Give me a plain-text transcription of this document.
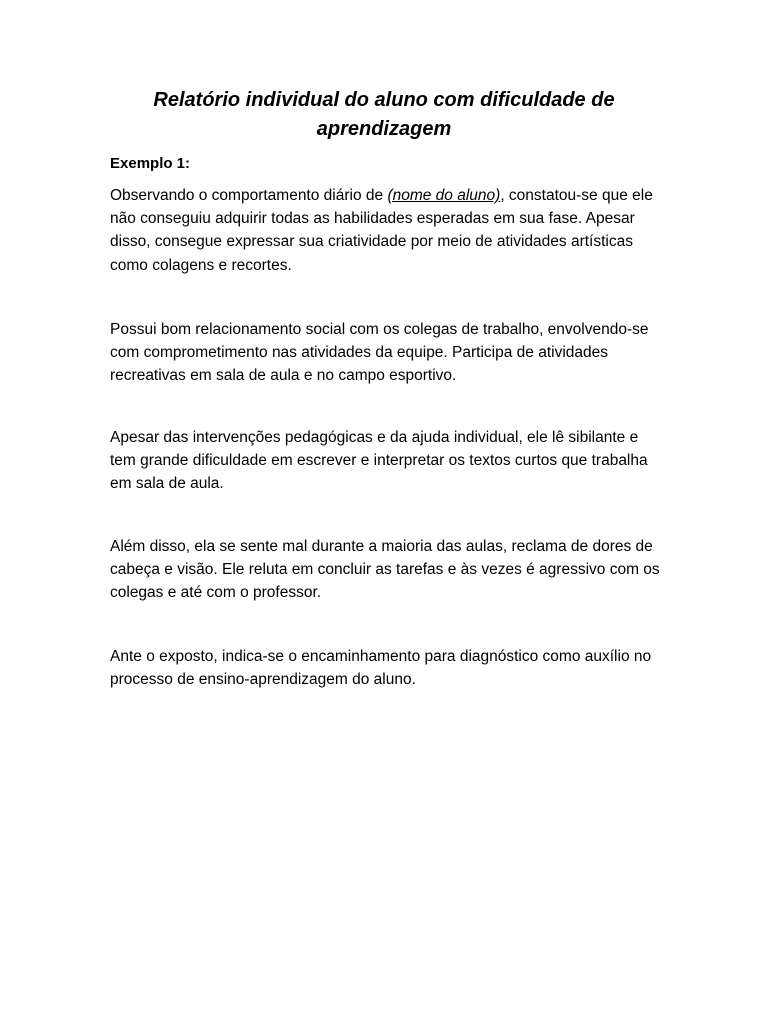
Relatório individual do aluno com dificuldade de aprendizagem

Exemplo 1:

Observando o comportamento diário de (nome do aluno), constatou-se que ele não conseguiu adquirir todas as habilidades esperadas em sua fase. Apesar disso, consegue expressar sua criatividade por meio de atividades artísticas como colagens e recortes.

Possui bom relacionamento social com os colegas de trabalho, envolvendo-se com comprometimento nas atividades da equipe. Participa de atividades recreativas em sala de aula e no campo esportivo.

Apesar das intervenções pedagógicas e da ajuda individual, ele lê sibilante e tem grande dificuldade em escrever e interpretar os textos curtos que trabalha em sala de aula.

Além disso, ela se sente mal durante a maioria das aulas, reclama de dores de cabeça e visão. Ele reluta em concluir as tarefas e às vezes é agressivo com os colegas e até com o professor.

Ante o exposto, indica-se o encaminhamento para diagnóstico como auxílio no processo de ensino-aprendizagem do aluno.
